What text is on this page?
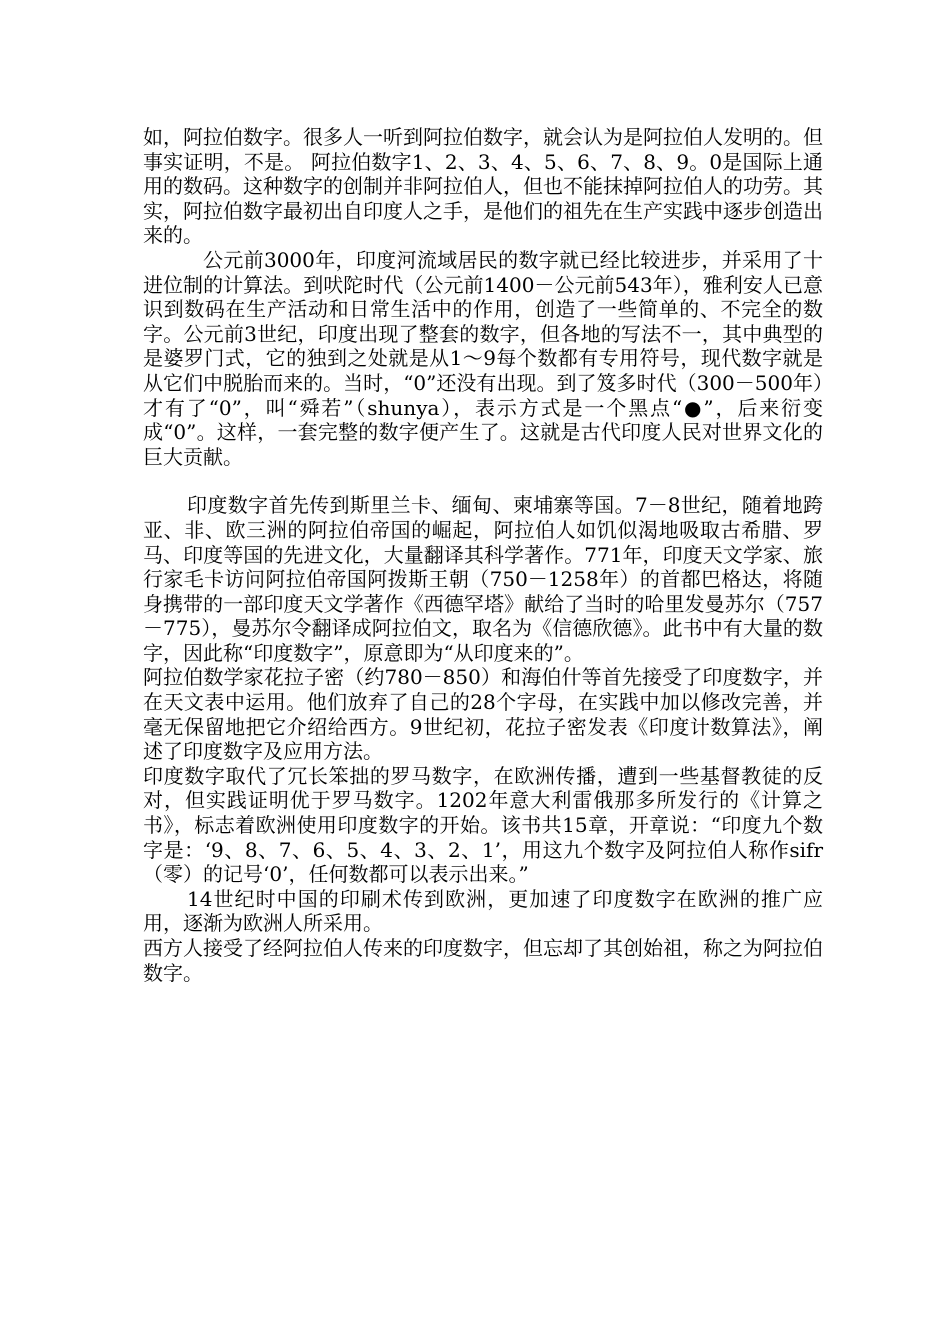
如，阿拉伯数字。很多人一听到阿拉伯数字，就会认为是阿拉伯人发明的。但事实证明，不是。 阿拉伯数字1、2、3、4、5、6、7、8、9。0是国际上通用的数码。这种数字的创制并非阿拉伯人，但也不能抹掉阿拉伯人的功劳。其实，阿拉伯数字最初出自印度人之手，是他们的祖先在生产实践中逐步创造出来的。

公元前3000年，印度河流域居民的数字就已经比较进步，并采用了十进位制的计算法。到吠陀时代（公元前1400－公元前543年），雅利安人已意识到数码在生产活动和日常生活中的作用，创造了一些简单的、不完全的数字。公元前3世纪，印度出现了整套的数字，但各地的写法不一，其中典型的是婆罗门式，它的独到之处就是从1～9每个数都有专用符号，现代数字就是从它们中脱胎而来的。当时，“0”还没有出现。到了笈多时代（300－500年）才有了“0”，叫“舜若”（shunya），表示方式是一个黑点“●”，后来衍变成“0”。这样，一套完整的数字便产生了。这就是古代印度人民对世界文化的巨大贡献。

印度数字首先传到斯里兰卡、缅甸、柬埔寨等国。7－8世纪，随着地跨亚、非、欧三洲的阿拉伯帝国的崛起，阿拉伯人如饥似渴地吸取古希腊、罗马、印度等国的先进文化，大量翻译其科学著作。771年，印度天文学家、旅行家毛卡访问阿拉伯帝国阿拨斯王朝（750－1258年）的首都巴格达，将随身携带的一部印度天文学著作《西德罕塔》献给了当时的哈里发曼苏尔（757－775），曼苏尔令翻译成阿拉伯文，取名为《信德欣德》。此书中有大量的数字，因此称“印度数字”，原意即为“从印度来的”。

阿拉伯数学家花拉子密（约780－850）和海伯什等首先接受了印度数字，并在天文表中运用。他们放弃了自己的28个字母，在实践中加以修改完善，并毫无保留地把它介绍给西方。9世纪初，花拉子密发表《印度计数算法》，阐述了印度数字及应用方法。

印度数字取代了冗长笨拙的罗马数字，在欧洲传播，遭到一些基督教徒的反对，但实践证明优于罗马数字。1202年意大利雷俄那多所发行的《计算之书》，标志着欧洲使用印度数字的开始。该书共15章，开章说：“印度九个数字是：‘9、8、7、6、5、4、3、2、1’，用这九个数字及阿拉伯人称作sifr（零）的记号‘0’，任何数都可以表示出来。”

14世纪时中国的印刷术传到欧洲，更加速了印度数字在欧洲的推广应用，逐渐为欧洲人所采用。

西方人接受了经阿拉伯人传来的印度数字，但忘却了其创始祖，称之为阿拉伯数字。
